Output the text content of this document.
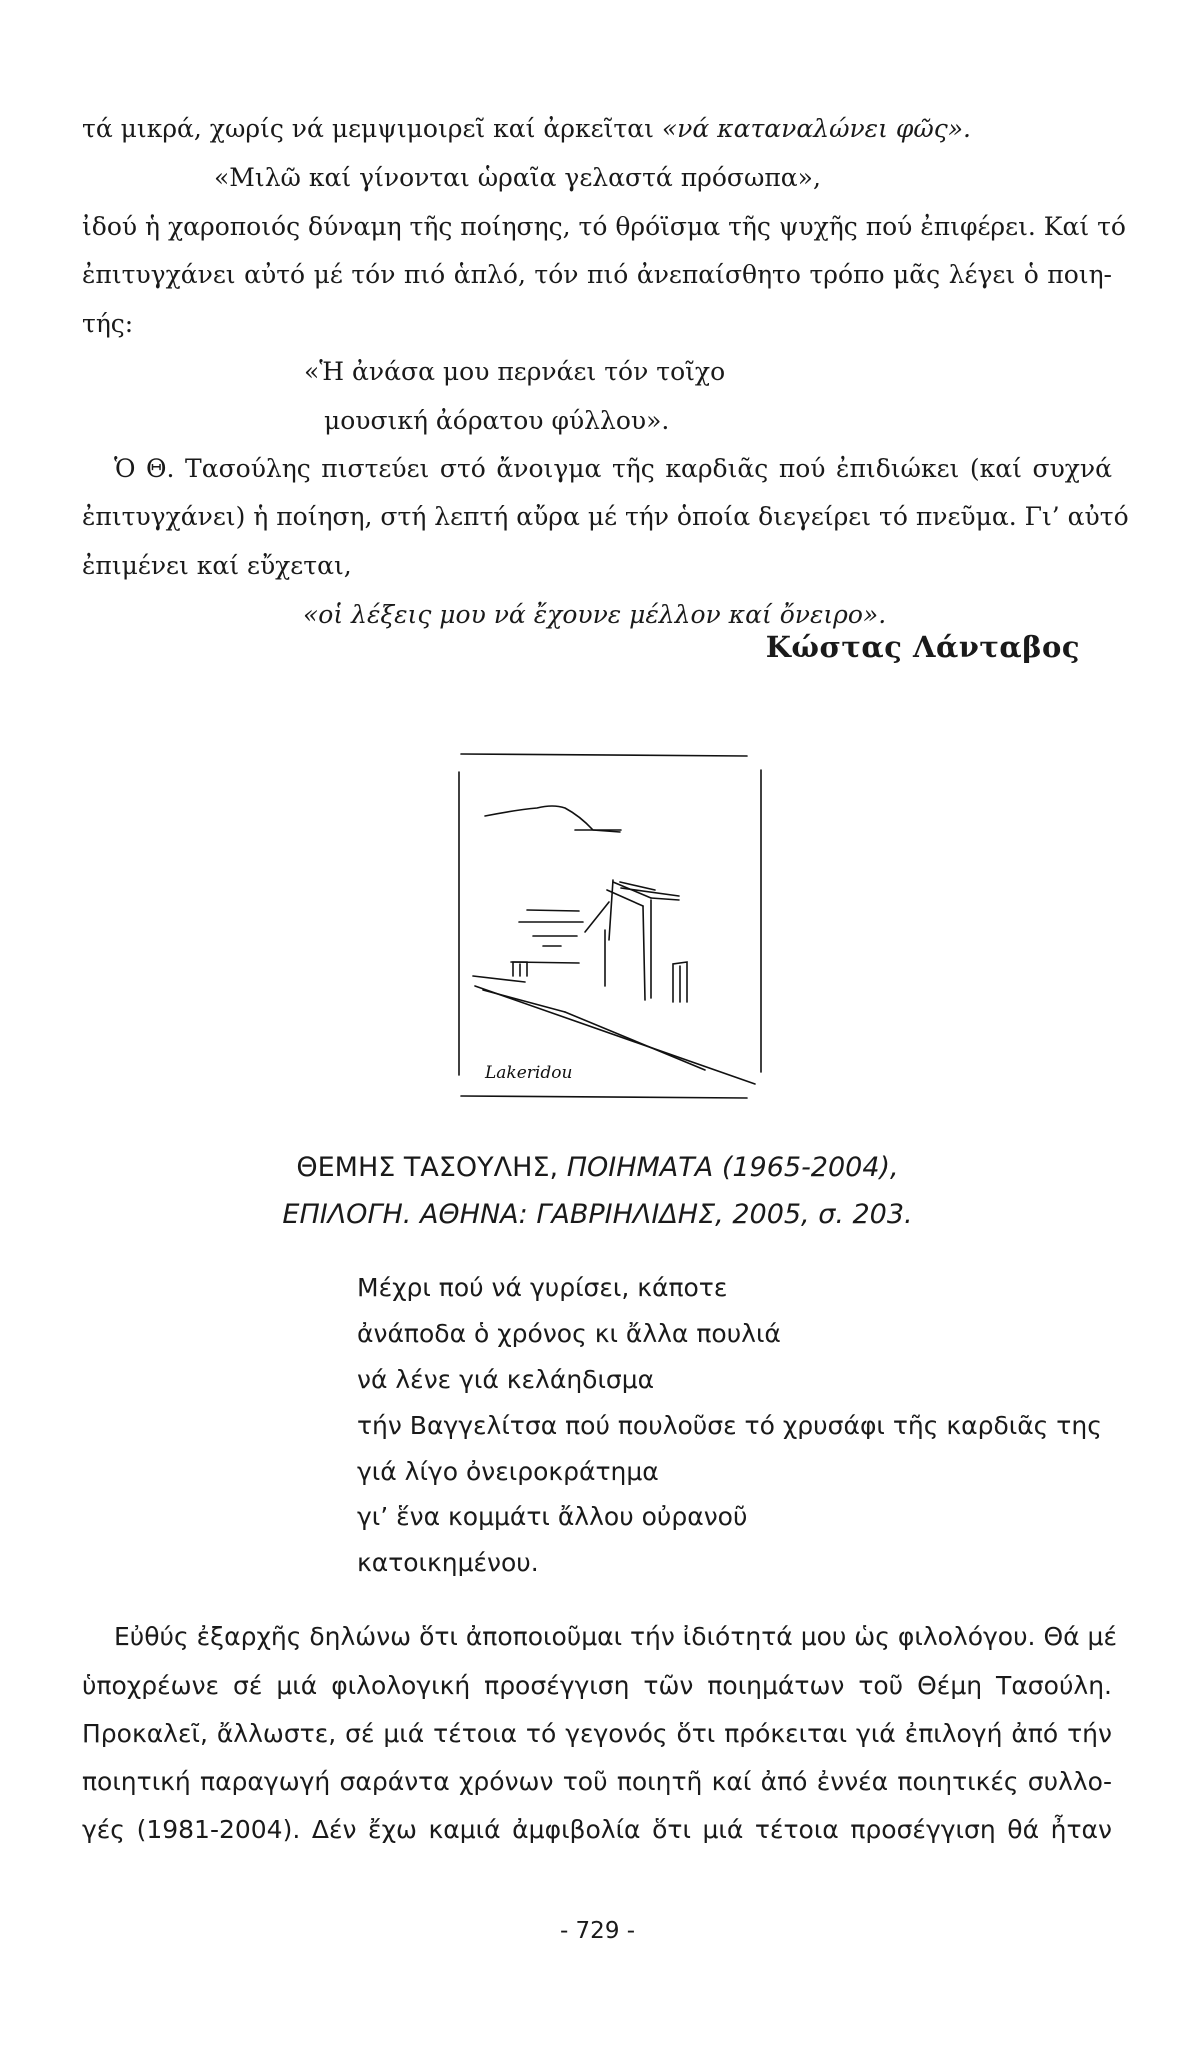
τά μικρά, χωρίς νά μεμψιμοιρεῖ καί ἀρκεῖται «νά καταναλώνει φῶς».
«Μιλῶ καί γίνονται ὡραῖα γελαστά πρόσωπα»,
ἰδού ἡ χαροποιός δύναμη τῆς ποίησης, τό θρόϊσμα τῆς ψυχῆς πού ἐπιφέρει. Καί τό
ἐπιτυγχάνει αὐτό μέ τόν πιό ἁπλό, τόν πιό ἀνεπαίσθητο τρόπο μᾶς λέγει ὁ ποιη-
τής:
«Ἡ ἀνάσα μου περνάει τόν τοῖχο
μουσική ἀόρατου φύλλου».
Ὁ Θ. Τασούλης πιστεύει στό ἄνοιγμα τῆς καρδιᾶς πού ἐπιδιώκει (καί συχνά
ἐπιτυγχάνει) ἡ ποίηση, στή λεπτή αὔρα μέ τήν ὁποία διεγείρει τό πνεῦμα. Γι’ αὐτό
ἐπιμένει καί εὔχεται,
«οἱ λέξεις μου νά ἔχουνε μέλλον καί ὄνειρο».
Κώστας Λάνταβος
Lakeridou
ΘΕΜΗΣ ΤΑΣΟΥΛΗΣ, ΠΟΙΗΜΑΤΑ (1965-2004),
ΕΠΙΛΟΓΗ. ΑΘΗΝΑ: ΓΑΒΡΙΗΛΙΔΗΣ, 2005, σ. 203.
Μέχρι πού νά γυρίσει, κάποτε
ἀνάποδα ὁ χρόνος κι ἄλλα πουλιά
νά λένε γιά κελάηδισμα
τήν Βαγγελίτσα πού πουλοῦσε τό χρυσάφι τῆς καρδιᾶς της
γιά λίγο ὀνειροκράτημα
γι’ ἕνα κομμάτι ἄλλου οὐρανοῦ
κατοικημένου.
Εὐθύς ἐξαρχῆς δηλώνω ὅτι ἀποποιοῦμαι τήν ἰδιότητά μου ὡς φιλολόγου. Θά μέ
ὑποχρέωνε σέ μιά φιλολογική προσέγγιση τῶν ποιημάτων τοῦ Θέμη Τασούλη.
Προκαλεῖ, ἄλλωστε, σέ μιά τέτοια τό γεγονός ὅτι πρόκειται γιά ἐπιλογή ἀπό τήν
ποιητική παραγωγή σαράντα χρόνων τοῦ ποιητῆ καί ἀπό ἐννέα ποιητικές συλλο-
γές (1981-2004). Δέν ἔχω καμιά ἀμφιβολία ὅτι μιά τέτοια προσέγγιση θά ἦταν
- 729 -
